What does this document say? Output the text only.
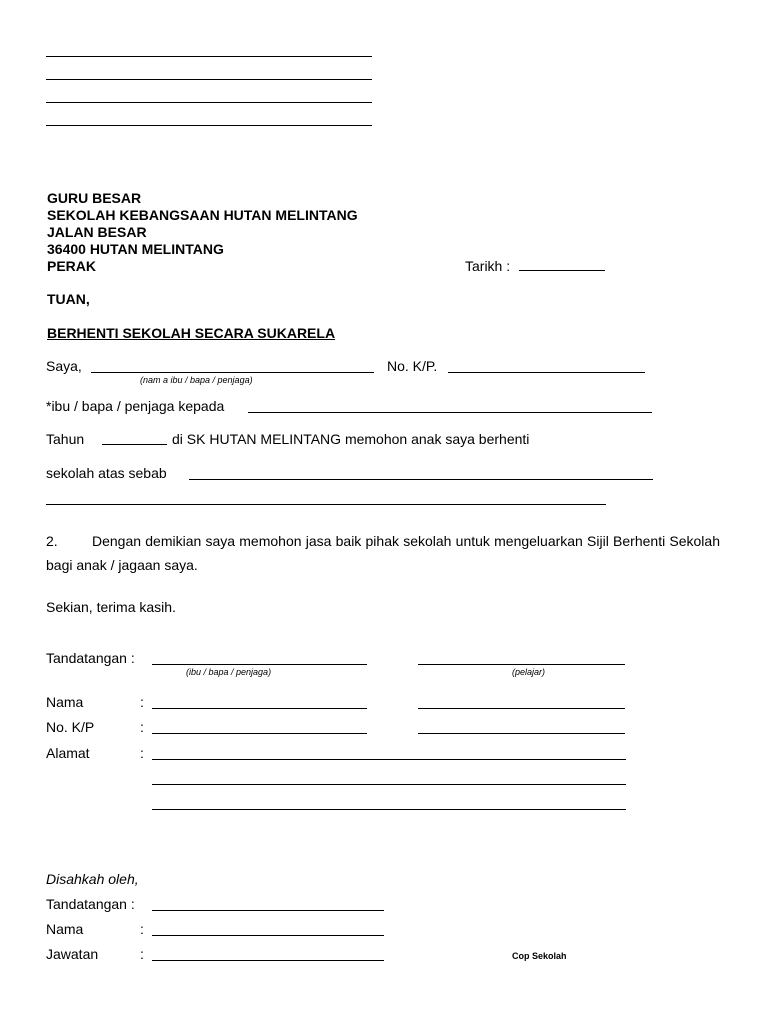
GURU BESAR
SEKOLAH KEBANGSAAN HUTAN MELINTANG
JALAN BESAR
36400 HUTAN MELINTANG
PERAK	Tarikh :
TUAN,
BERHENTI SEKOLAH SECARA SUKARELA
Saya,	No. K/P.
(nam a ibu / bapa / penjaga)
*ibu / bapa / penjaga kepada
Tahun	di SK HUTAN MELINTANG memohon anak saya berhenti
sekolah atas sebab
2.	Dengan demikian saya memohon jasa baik pihak sekolah untuk mengeluarkan Sijil Berhenti Sekolah bagi anak / jagaan saya.
Sekian, terima kasih.
Tandatangan :
(ibu / bapa / penjaga)	(pelajar)
Nama	:
No. K/P	:
Alamat	:
Disahkah oleh,
Tandatangan :
Nama	:
Jawatan	:	Cop Sekolah
